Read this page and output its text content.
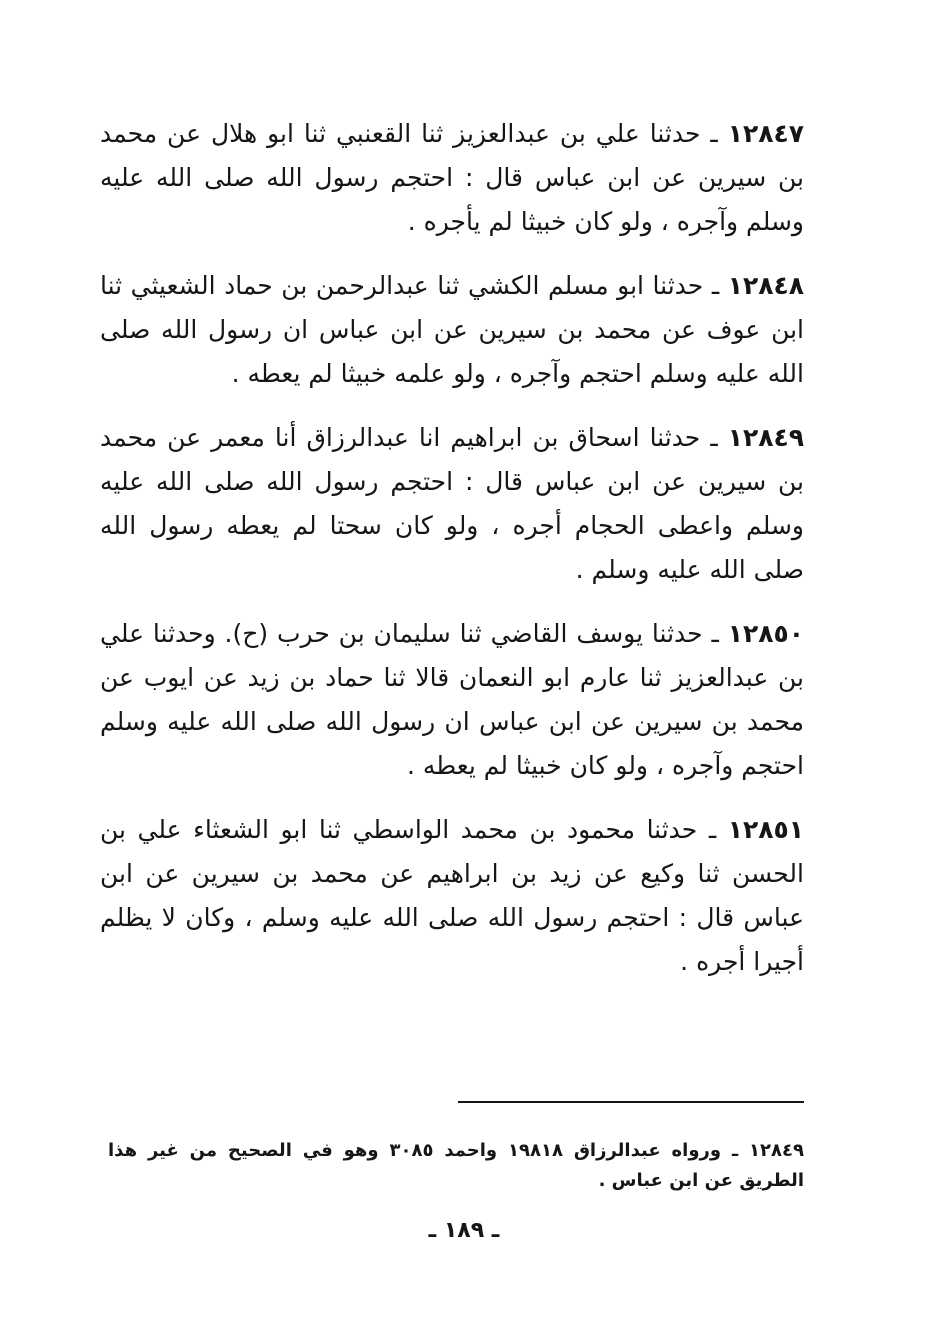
١٢٨٤٧ ـ حدثنا علي بن عبدالعزيز ثنا القعنبي ثنا ابو هلال عن محمد بن سيرين عن ابن عباس قال : احتجم رسول الله صلى الله عليه وسلم وآجره ، ولو كان خبيثا لم يأجره .

١٢٨٤٨ ـ حدثنا ابو مسلم الكشي ثنا عبدالرحمن بن حماد الشعيثي ثنا ابن عوف عن محمد بن سيرين عن ابن عباس ان رسول الله صلى الله عليه وسلم احتجم وآجره ، ولو علمه خبيثا لم يعطه .

١٢٨٤٩ ـ حدثنا اسحاق بن ابراهيم انا عبدالرزاق أنا معمر عن محمد بن سيرين عن ابن عباس قال : احتجم رسول الله صلى الله عليه وسلم واعطى الحجام أجره ، ولو كان سحتا لم يعطه رسول الله صلى الله عليه وسلم .

١٢٨٥٠ ـ حدثنا يوسف القاضي ثنا سليمان بن حرب (ح). وحدثنا علي بن عبدالعزيز ثنا عارم ابو النعمان قالا ثنا حماد بن زيد عن ايوب عن محمد بن سيرين عن ابن عباس ان رسول الله صلى الله عليه وسلم احتجم وآجره ، ولو كان خبيثا لم يعطه .

١٢٨٥١ ـ حدثنا محمود بن محمد الواسطي ثنا ابو الشعثاء علي بن الحسن ثنا وكيع عن زيد بن ابراهيم عن محمد بن سيرين عن ابن عباس قال : احتجم رسول الله صلى الله عليه وسلم ، وكان لا يظلم أجيرا أجره .

١٢٨٤٩ ـ ورواه عبدالرزاق ١٩٨١٨ واحمد ٣٠٨٥ وهو في الصحيح من غير هذا الطريق عن ابن عباس .

ـ ١٨٩ ـ
